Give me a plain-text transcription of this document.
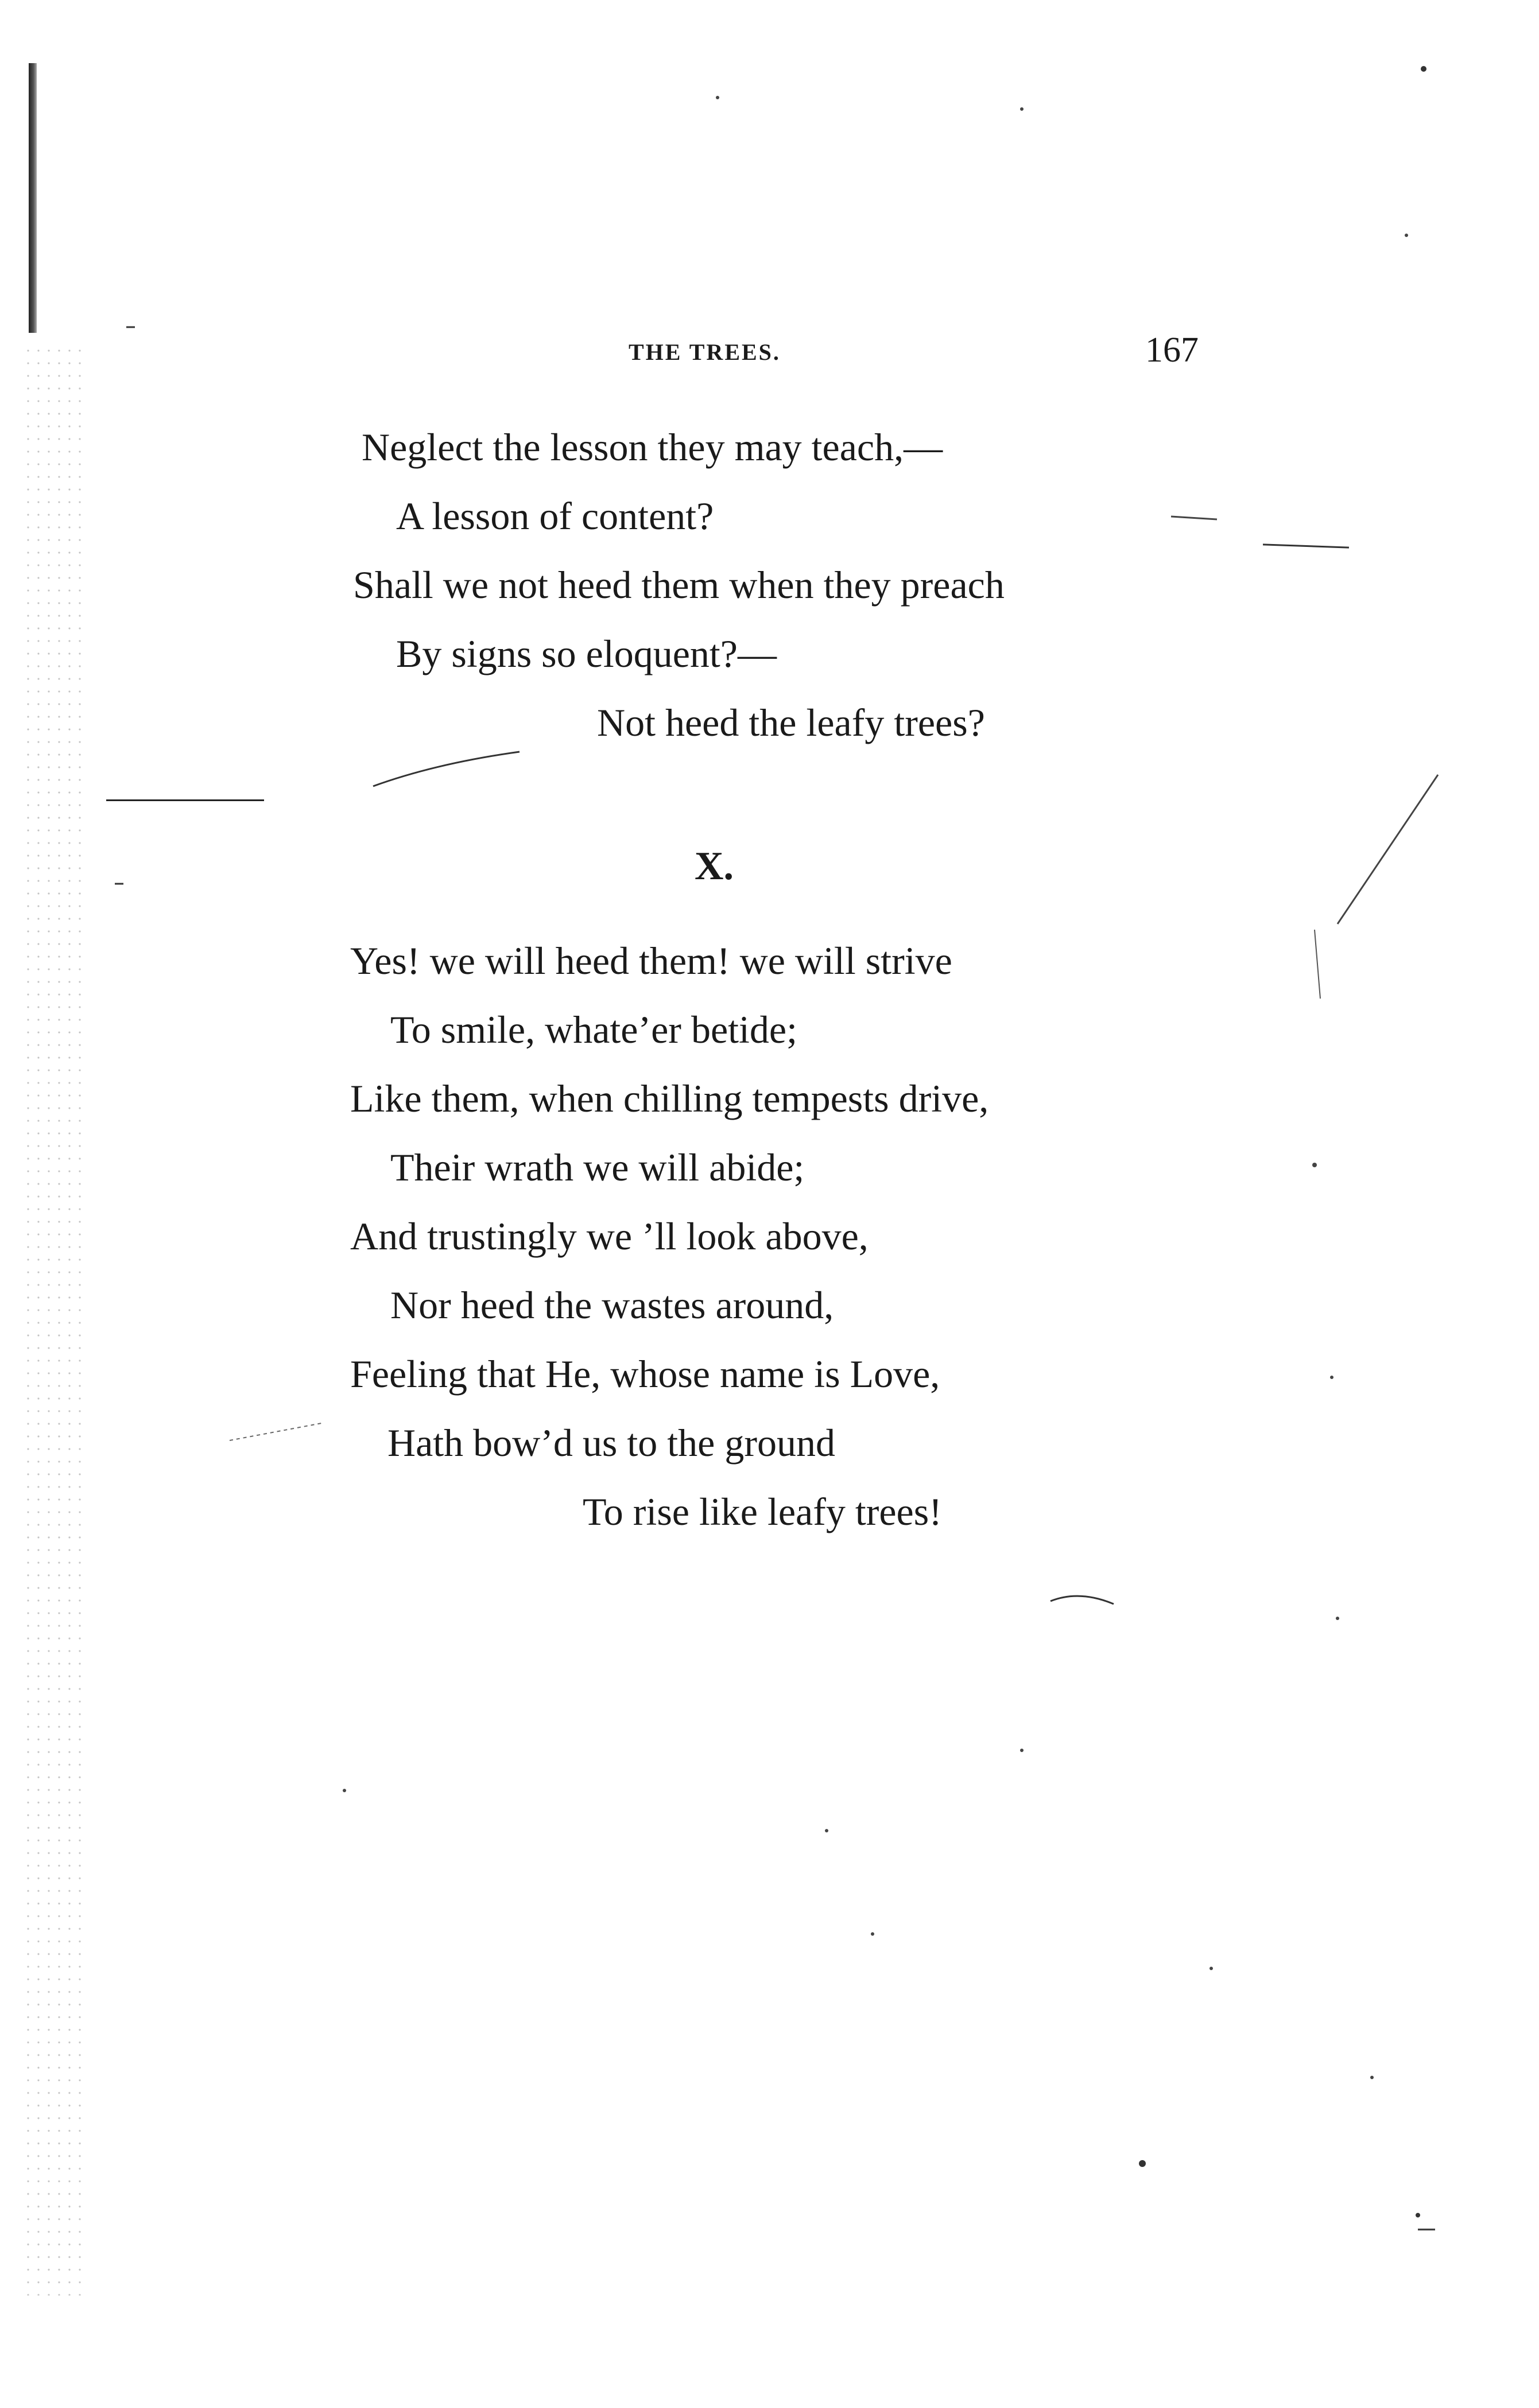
THE TREES.	167
Neglect the lesson they may teach,—
A lesson of content?
Shall we not heed them when they preach
By signs so eloquent?—
Not heed the leafy trees?
X.
Yes! we will heed them! we will strive
To smile, whate’er betide;
Like them, when chilling tempests drive,
Their wrath we will abide;
And trustingly we ’ll look above,
Nor heed the wastes around,
Feeling that He, whose name is Love,
Hath bow’d us to the ground
To rise like leafy trees!
